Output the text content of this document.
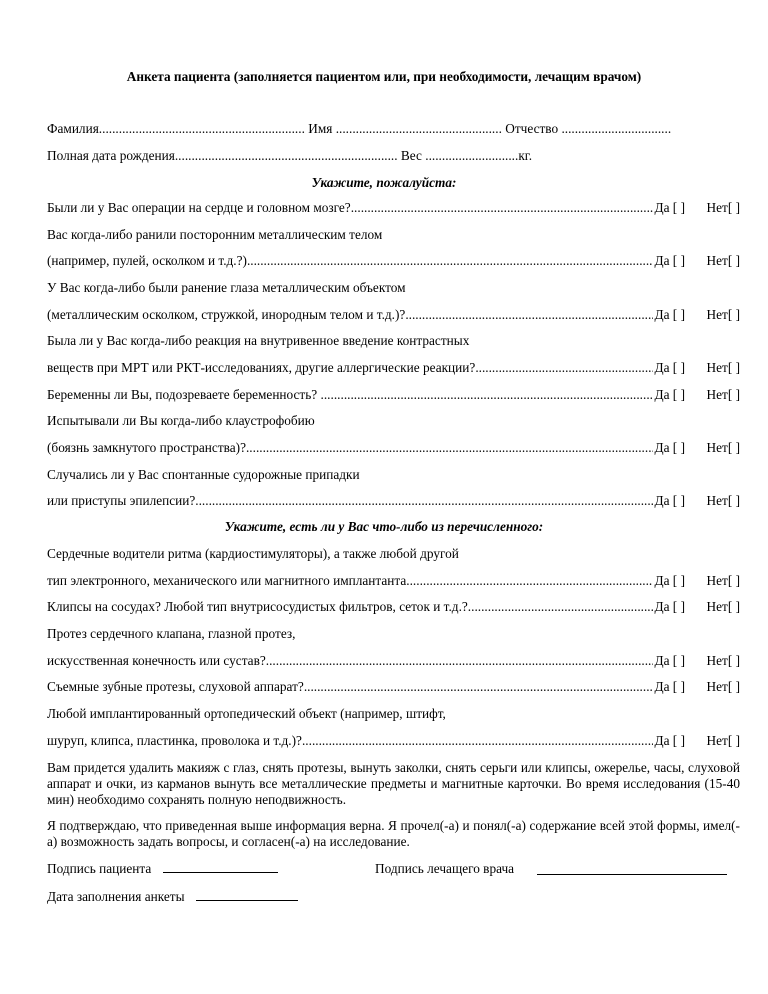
Анкета пациента (заполняется пациентом или, при необходимости, лечащим врачом)
Фамилия.............................................................. Имя .................................................. Отчество .................................
Полная дата рождения................................................................... Вес ............................кг.
Укажите, пожалуйста:
Были ли у Вас операции на сердце и головном мозге? .....	Да [ ]	Нет[ ]
Вас когда-либо ранили посторонним металлическим телом
(например, пулей, осколком и т.д.?) .....	Да [ ]	Нет[ ]
У Вас когда-либо были ранение глаза металлическим объектом
(металлическим осколком, стружкой, инородным телом и т.д.)? .....	Да [ ]	Нет[ ]
Была ли у Вас когда-либо реакция на внутривенное введение контрастных
веществ при МРТ или РКТ-исследованиях, другие аллергические реакции? .....	Да [ ]	Нет[ ]
Беременны ли Вы, подозреваете беременность? .... .....	Да [ ]	Нет[ ]
Испытывали ли Вы когда-либо клаустрофобию
(боязнь замкнутого пространства)? .....	Да [ ]	Нет[ ]
Случались ли у Вас спонтанные судорожные припадки
или приступы эпилепсии? .....	Да [ ]	Нет[ ]
Укажите, есть ли у Вас что-либо из перечисленного:
Сердечные водители ритма (кардиостимуляторы), а также любой другой
тип электронного, механического или магнитного имплантанта .....	Да [ ]	Нет[ ]
Клипсы на сосудах? Любой тип внутрисосудистых фильтров, сеток и т.д.? .....	Да [ ]	Нет[ ]
Протез сердечного клапана, глазной протез,
искусственная конечность или сустав? .....	Да [ ]	Нет[ ]
Съемные зубные протезы, слуховой аппарат? .....	Да [ ]	Нет[ ]
Любой имплантированный ортопедический объект (например, штифт,
шуруп, клипса, пластинка, проволока и т.д.)? .....	Да [ ]	Нет[ ]
Вам придется удалить макияж с глаз, снять протезы, вынуть заколки, снять серьги или клипсы, ожерелье, часы, слуховой аппарат и очки, из карманов вынуть все металлические предметы и магнитные карточки. Во время исследования (15-40 мин) необходимо сохранять полную неподвижность.
Я подтверждаю, что приведенная выше информация верна. Я прочел(-а) и понял(-а) содержание всей этой формы, имел(-а) возможность задать вопросы, и согласен(-а) на исследование.
Подпись пациента	Подпись лечащего врача
Дата заполнения анкеты
